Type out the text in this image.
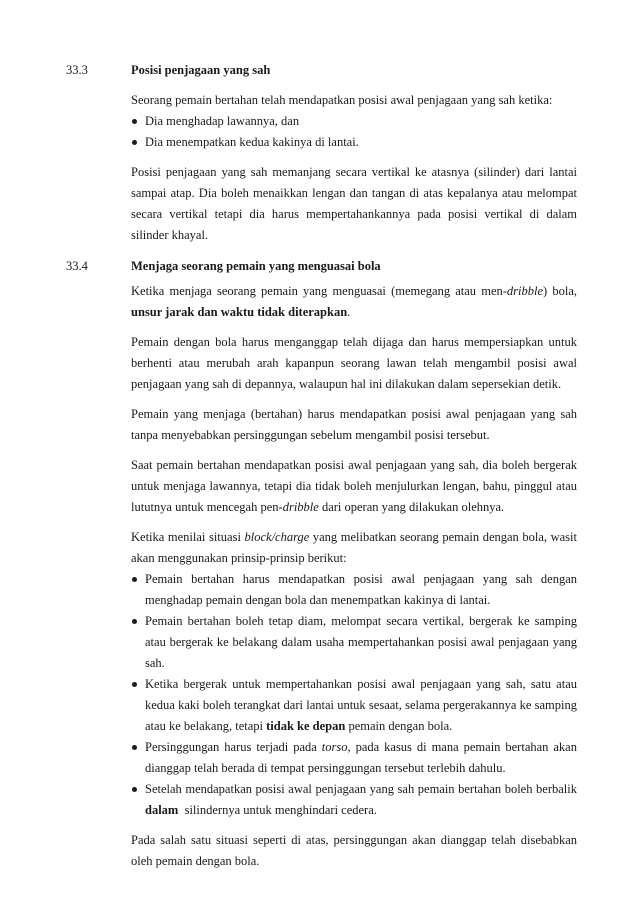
33.3	Posisi penjagaan yang sah

Seorang pemain bertahan telah mendapatkan posisi awal penjagaan yang sah ketika:

Dia menghadap lawannya, dan
Dia menempatkan kedua kakinya di lantai.

Posisi penjagaan yang sah memanjang secara vertikal ke atasnya (silinder) dari lantai sampai atap. Dia boleh menaikkan lengan dan tangan di atas kepalanya atau melompat secara vertikal tetapi dia harus mempertahankannya pada posisi vertikal di dalam silinder khayal.

33.4	Menjaga seorang pemain yang menguasai bola

Ketika menjaga seorang pemain yang menguasai (memegang atau men-dribble) bola, unsur jarak dan waktu tidak diterapkan.

Pemain dengan bola harus menganggap telah dijaga dan harus mempersiapkan untuk berhenti atau merubah arah kapanpun seorang lawan telah mengambil posisi awal penjagaan yang sah di depannya, walaupun hal ini dilakukan dalam sepersekian detik.

Pemain yang menjaga (bertahan) harus mendapatkan posisi awal penjagaan yang sah tanpa menyebabkan persinggungan sebelum mengambil posisi tersebut.

Saat pemain bertahan mendapatkan posisi awal penjagaan yang sah, dia boleh bergerak untuk menjaga lawannya, tetapi dia tidak boleh menjulurkan lengan, bahu, pinggul atau lututnya untuk mencegah pen-dribble dari operan yang dilakukan olehnya.

Ketika menilai situasi block/charge yang melibatkan seorang pemain dengan bola, wasit akan menggunakan prinsip-prinsip berikut:

Pemain bertahan harus mendapatkan posisi awal penjagaan yang sah dengan menghadap pemain dengan bola dan menempatkan kakinya di lantai.
Pemain bertahan boleh tetap diam, melompat secara vertikal, bergerak ke samping atau bergerak ke belakang dalam usaha mempertahankan posisi awal penjagaan yang sah.
Ketika bergerak untuk mempertahankan posisi awal penjagaan yang sah, satu atau kedua kaki boleh terangkat dari lantai untuk sesaat, selama pergerakannya ke samping atau ke belakang, tetapi tidak ke depan pemain dengan bola.
Persinggungan harus terjadi pada torso, pada kasus di mana pemain bertahan akan dianggap telah berada di tempat persinggungan tersebut terlebih dahulu.
Setelah mendapatkan posisi awal penjagaan yang sah pemain bertahan boleh berbalik dalam  silindernya untuk menghindari cedera.

Pada salah satu situasi seperti di atas, persinggungan akan dianggap telah disebabkan oleh pemain dengan bola.
